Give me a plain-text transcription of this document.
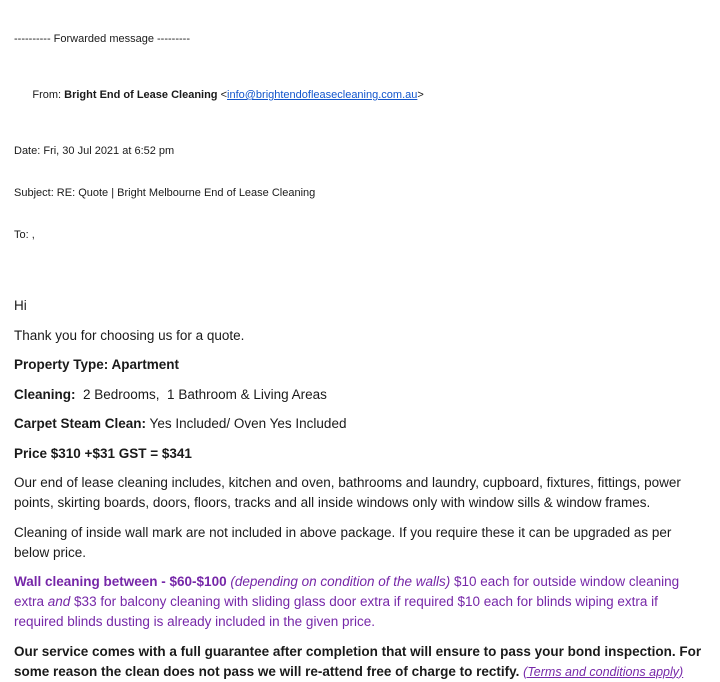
---------- Forwarded message ---------

From: Bright End of Lease Cleaning <info@brightendofleasecleaning.com.au>

Date: Fri, 30 Jul 2021 at 6:52 pm

Subject: RE: Quote | Bright Melbourne End of Lease Cleaning

To: ,

Hi

Thank you for choosing us for a quote.

Property Type: Apartment

Cleaning:  2 Bedrooms,  1 Bathroom & Living Areas

Carpet Steam Clean: Yes Included/ Oven Yes Included

Price $310 +$31 GST = $341

Our end of lease cleaning includes, kitchen and oven, bathrooms and laundry, cupboard, fixtures, fittings, power points, skirting boards, doors, floors, tracks and all inside windows only with window sills & window frames.

Cleaning of inside wall mark are not included in above package. If you require these it can be upgraded as per below price.

Wall cleaning between - $60-$100 (depending on condition of the walls) $10 each for outside window cleaning extra and $33 for balcony cleaning with sliding glass door extra if required $10 each for blinds wiping extra if required blinds dusting is already included in the given price.

Our service comes with a full guarantee after completion that will ensure to pass your bond inspection. For some reason the clean does not pass we will re-attend free of charge to rectify. (Terms and conditions apply)
